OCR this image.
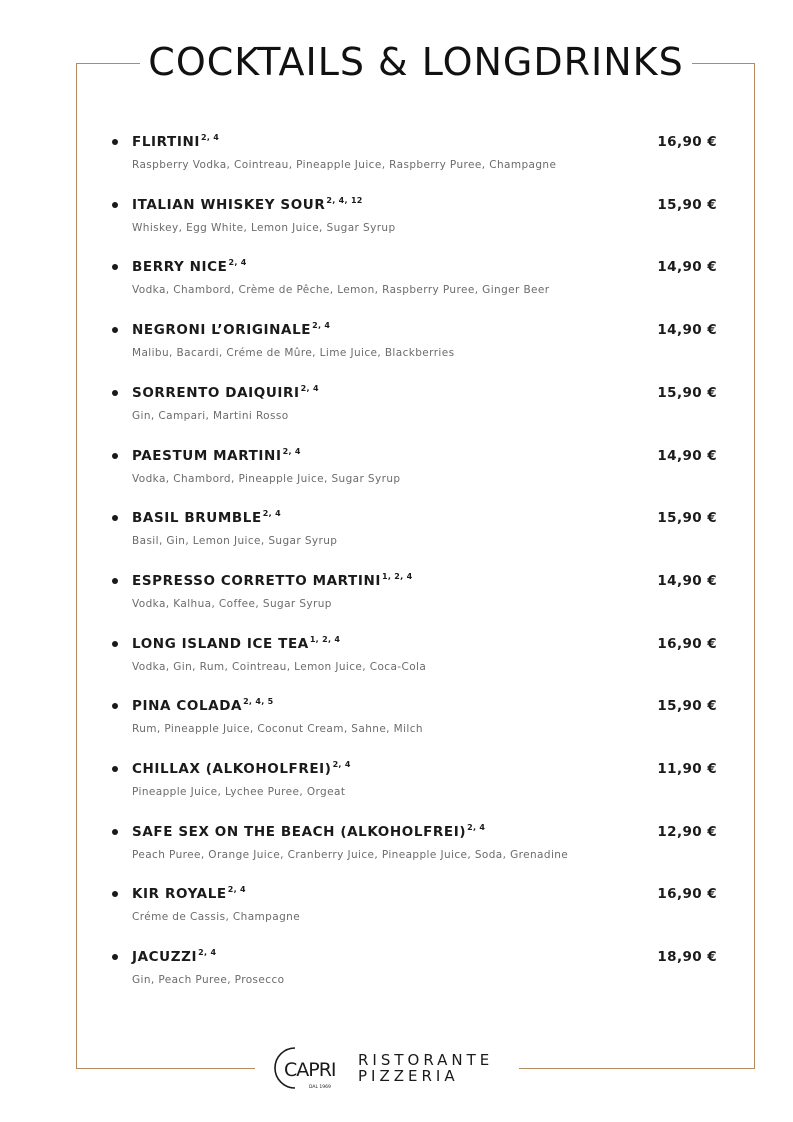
COCKTAILS & LONGDRINKS
FLIRTINI$^{2, 4}$	16,90 €
Raspberry Vodka, Cointreau, Pineapple Juice, Raspberry Puree, Champagne
ITALIAN WHISKEY SOUR$^{2, 4, 12}$	15,90 €
Whiskey, Egg White, Lemon Juice, Sugar Syrup
BERRY NICE$^{2, 4}$	14,90 €
Vodka, Chambord, Crème de Pêche, Lemon, Raspberry Puree, Ginger Beer
NEGRONI L’ORIGINALE$^{2, 4}$	14,90 €
Malibu, Bacardi, Créme de Mûre, Lime Juice, Blackberries
SORRENTO DAIQUIRI$^{2, 4}$	15,90 €
Gin, Campari, Martini Rosso
PAESTUM MARTINI$^{2, 4}$	14,90 €
Vodka, Chambord, Pineapple Juice, Sugar Syrup
BASIL BRUMBLE$^{2, 4}$	15,90 €
Basil, Gin, Lemon Juice, Sugar Syrup
ESPRESSO CORRETTO MARTINI$^{1, 2, 4}$	14,90 €
Vodka, Kalhua, Coffee, Sugar Syrup
LONG ISLAND ICE TEA$^{1, 2, 4}$	16,90 €
Vodka, Gin, Rum, Cointreau, Lemon Juice, Coca-Cola
PINA COLADA$^{2, 4, 5}$	15,90 €
Rum, Pineapple Juice, Coconut Cream, Sahne, Milch
CHILLAX (ALKOHOLFREI)$^{2, 4}$	11,90 €
Pineapple Juice, Lychee Puree, Orgeat
SAFE SEX ON THE BEACH (ALKOHOLFREI)$^{2, 4}$	12,90 €
Peach Puree, Orange Juice, Cranberry Juice, Pineapple Juice, Soda, Grenadine
KIR ROYALE$^{2, 4}$	16,90 €
Créme de Cassis, Champagne
JACUZZI$^{2, 4}$	18,90 €
Gin, Peach Puree, Prosecco
CAPRI
DAL 1969
RISTORANTE
PIZZERIA
